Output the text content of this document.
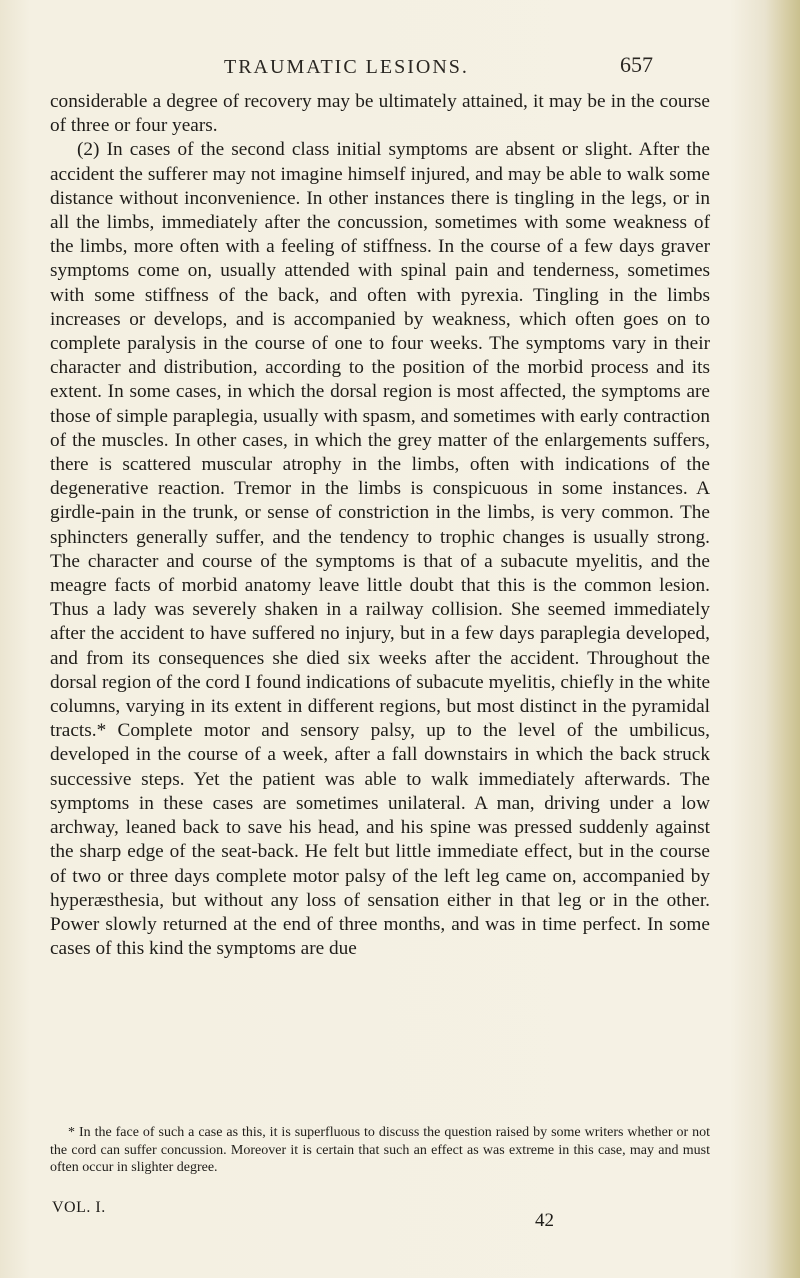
TRAUMATIC LESIONS.	657

considerable a degree of recovery may be ultimately attained, it may be in the course of three or four years.

(2) In cases of the second class initial symptoms are absent or slight. After the accident the sufferer may not imagine himself injured, and may be able to walk some distance without inconvenience. In other instances there is tingling in the legs, or in all the limbs, immediately after the concussion, sometimes with some weakness of the limbs, more often with a feeling of stiffness. In the course of a few days graver symptoms come on, usually attended with spinal pain and tenderness, sometimes with some stiffness of the back, and often with pyrexia. Tingling in the limbs increases or develops, and is accompanied by weakness, which often goes on to complete paralysis in the course of one to four weeks. The symptoms vary in their character and distribution, according to the position of the morbid process and its extent. In some cases, in which the dorsal region is most affected, the symptoms are those of simple paraplegia, usually with spasm, and sometimes with early contraction of the muscles. In other cases, in which the grey matter of the enlargements suffers, there is scattered muscular atrophy in the limbs, often with indications of the degenerative reaction. Tremor in the limbs is conspicuous in some instances. A girdle-pain in the trunk, or sense of constriction in the limbs, is very common. The sphincters generally suffer, and the tendency to trophic changes is usually strong. The character and course of the symptoms is that of a subacute myelitis, and the meagre facts of morbid anatomy leave little doubt that this is the common lesion. Thus a lady was severely shaken in a railway collision. She seemed immediately after the accident to have suffered no injury, but in a few days paraplegia developed, and from its consequences she died six weeks after the accident. Throughout the dorsal region of the cord I found indications of subacute myelitis, chiefly in the white columns, varying in its extent in different regions, but most distinct in the pyramidal tracts.* Complete motor and sensory palsy, up to the level of the umbilicus, developed in the course of a week, after a fall downstairs in which the back struck successive steps. Yet the patient was able to walk immediately afterwards. The symptoms in these cases are sometimes unilateral. A man, driving under a low archway, leaned back to save his head, and his spine was pressed suddenly against the sharp edge of the seat-back. He felt but little immediate effect, but in the course of two or three days complete motor palsy of the left leg came on, accompanied by hyperæsthesia, but without any loss of sensation either in that leg or in the other. Power slowly returned at the end of three months, and was in time perfect. In some cases of this kind the symptoms are due

* In the face of such a case as this, it is superfluous to discuss the question raised by some writers whether or not the cord can suffer concussion. Moreover it is certain that such an effect as was extreme in this case, may and must often occur in slighter degree.
VOL. I.
42
